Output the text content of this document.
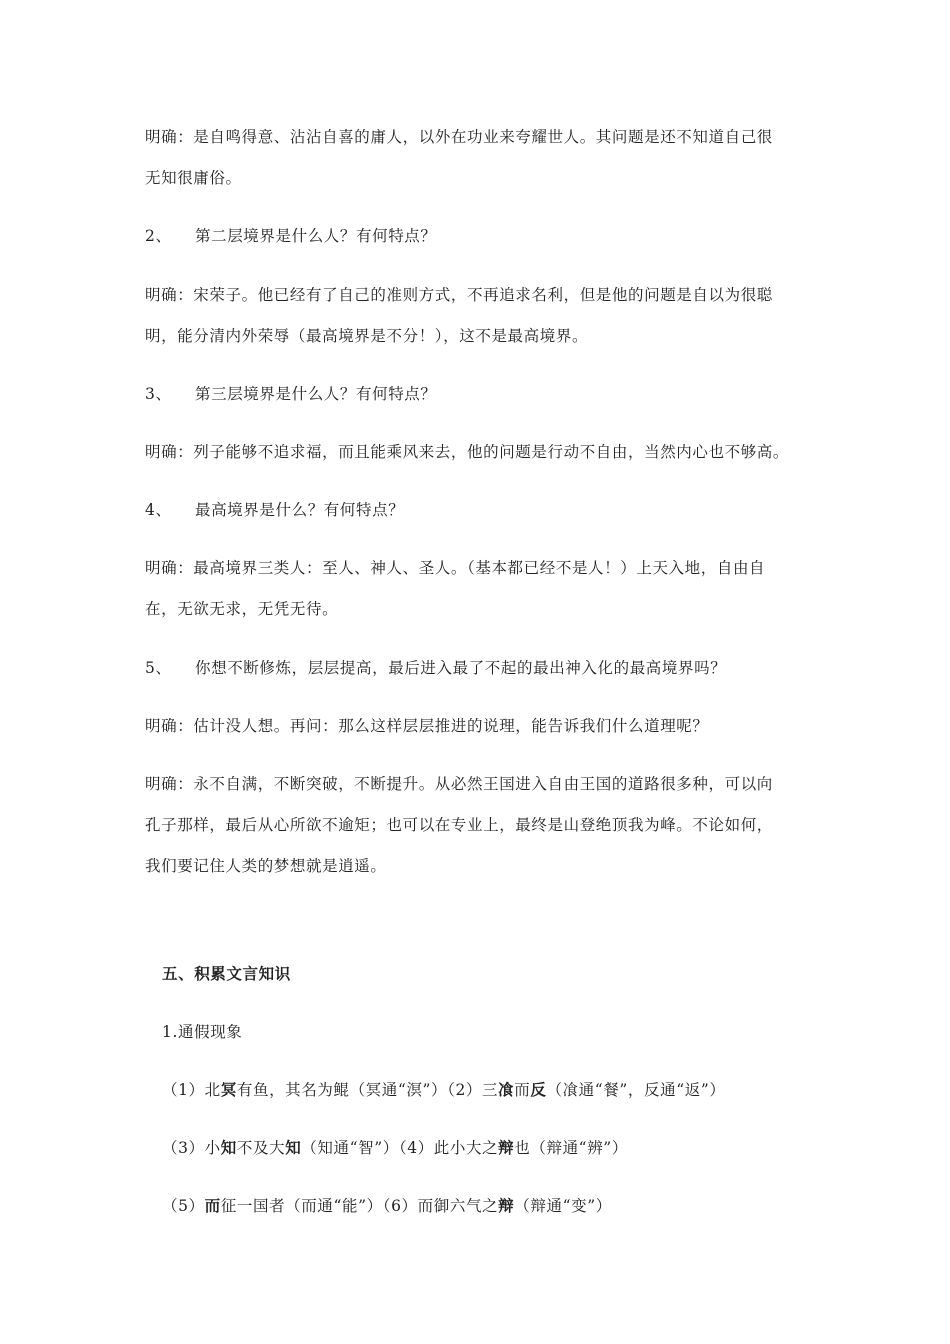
明确：是自鸣得意、沾沾自喜的庸人，以外在功业来夸耀世人。其问题是还不知道自己很
无知很庸俗。
2、 第二层境界是什么人？有何特点？
明确：宋荣子。他已经有了自己的准则方式，不再追求名利，但是他的问题是自以为很聪
明，能分清内外荣辱（最高境界是不分！），这不是最高境界。
3、 第三层境界是什么人？有何特点？
明确：列子能够不追求福，而且能乘风来去，他的问题是行动不自由，当然内心也不够高。
4、 最高境界是什么？有何特点？
明确：最高境界三类人：至人、神人、圣人。（基本都已经不是人！）上天入地，自由自
在，无欲无求，无凭无待。
5、 你想不断修炼，层层提高，最后进入最了不起的最出神入化的最高境界吗？
明确：估计没人想。再问：那么这样层层推进的说理，能告诉我们什么道理呢？
明确：永不自满，不断突破，不断提升。从必然王国进入自由王国的道路很多种，可以向
孔子那样，最后从心所欲不逾矩；也可以在专业上，最终是山登绝顶我为峰。不论如何，
我们要记住人类的梦想就是逍遥。
五、积累文言知识
1.通假现象
（1）北冥有鱼，其名为鲲（冥通“溟”）（2）三飡而反（飡通“餐”，反通“返”）
（3）小知不及大知（知通“智”）（4）此小大之辩也（辩通“辨”）
（5）而征一国者（而通“能”）（6）而御六气之辩（辩通“变”）
